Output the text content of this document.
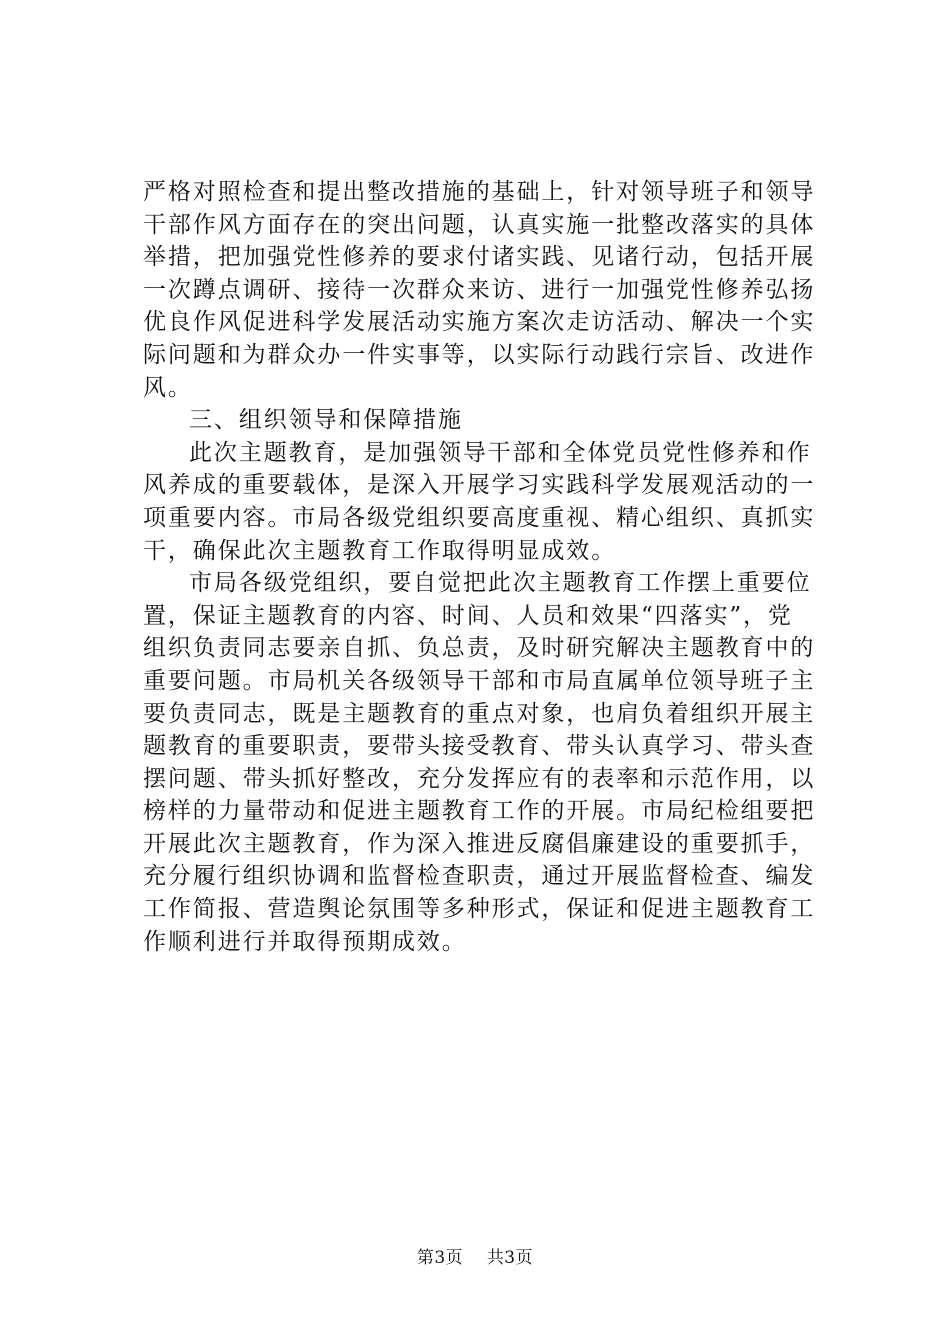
严格对照检查和提出整改措施的基础上，针对领导班子和领导
干部作风方面存在的突出问题，认真实施一批整改落实的具体
举措，把加强党性修养的要求付诸实践、见诸行动，包括开展
一次蹲点调研、接待一次群众来访、进行一加强党性修养弘扬
优良作风促进科学发展活动实施方案次走访活动、解决一个实
际问题和为群众办一件实事等，以实际行动践行宗旨、改进作
风。
三、组织领导和保障措施
此次主题教育，是加强领导干部和全体党员党性修养和作
风养成的重要载体，是深入开展学习实践科学发展观活动的一
项重要内容。市局各级党组织要高度重视、精心组织、真抓实
干，确保此次主题教育工作取得明显成效。
市局各级党组织，要自觉把此次主题教育工作摆上重要位
置，保证主题教育的内容、时间、人员和效果“四落实”，党
组织负责同志要亲自抓、负总责，及时研究解决主题教育中的
重要问题。市局机关各级领导干部和市局直属单位领导班子主
要负责同志，既是主题教育的重点对象，也肩负着组织开展主
题教育的重要职责，要带头接受教育、带头认真学习、带头查
摆问题、带头抓好整改，充分发挥应有的表率和示范作用，以
榜样的力量带动和促进主题教育工作的开展。市局纪检组要把
开展此次主题教育，作为深入推进反腐倡廉建设的重要抓手，
充分履行组织协调和监督检查职责，通过开展监督检查、编发
工作简报、营造舆论氛围等多种形式，保证和促进主题教育工
作顺利进行并取得预期成效。
第3页 共3页
